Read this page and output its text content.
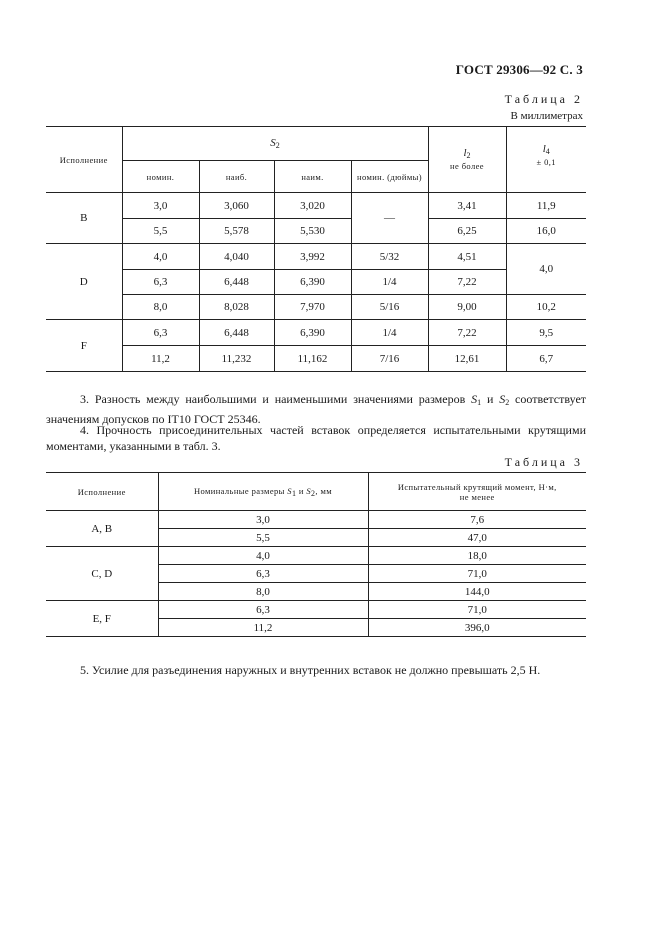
ГОСТ 29306—92 С. 3
Таблица 2
В миллиметрах
Исполнение	$S_2$				$l_2$
не более	$l_4$
± 0,1
	номин.	наиб.	наим.	номин. (дюймы)		
B	3,0	3,060	3,020	—	3,41	11,9
	5,5	5,578	5,530		6,25	16,0
D	4,0	4,040	3,992	5/32	4,51	4,0
	6,3	6,448	6,390	1/4	7,22	
	8,0	8,028	7,970	5/16	9,00	10,2
F	6,3	6,448	6,390	1/4	7,22	9,5
	11,2	11,232	11,162	7/16	12,61	6,7
3. Разность между наибольшими и наименьшими значениями размеров $S_1$ и $S_2$ соответствует значениям допусков по IT10 ГОСТ 25346.
4. Прочность присоединительных частей вставок определяется испытательными крутящими моментами, указанными в табл. 3.
Таблица 3
Исполнение	Номинальные размеры S1 и S2, мм	Испытательный крутящий момент, Н·м,
не менее
A, B	3,0	7,6
	5,5	47,0
C, D	4,0	18,0
	6,3	71,0
	8,0	144,0
E, F	6,3	71,0
	11,2	396,0
5. Усилие для разъединения наружных и внутренних вставок не должно превышать 2,5 Н.
